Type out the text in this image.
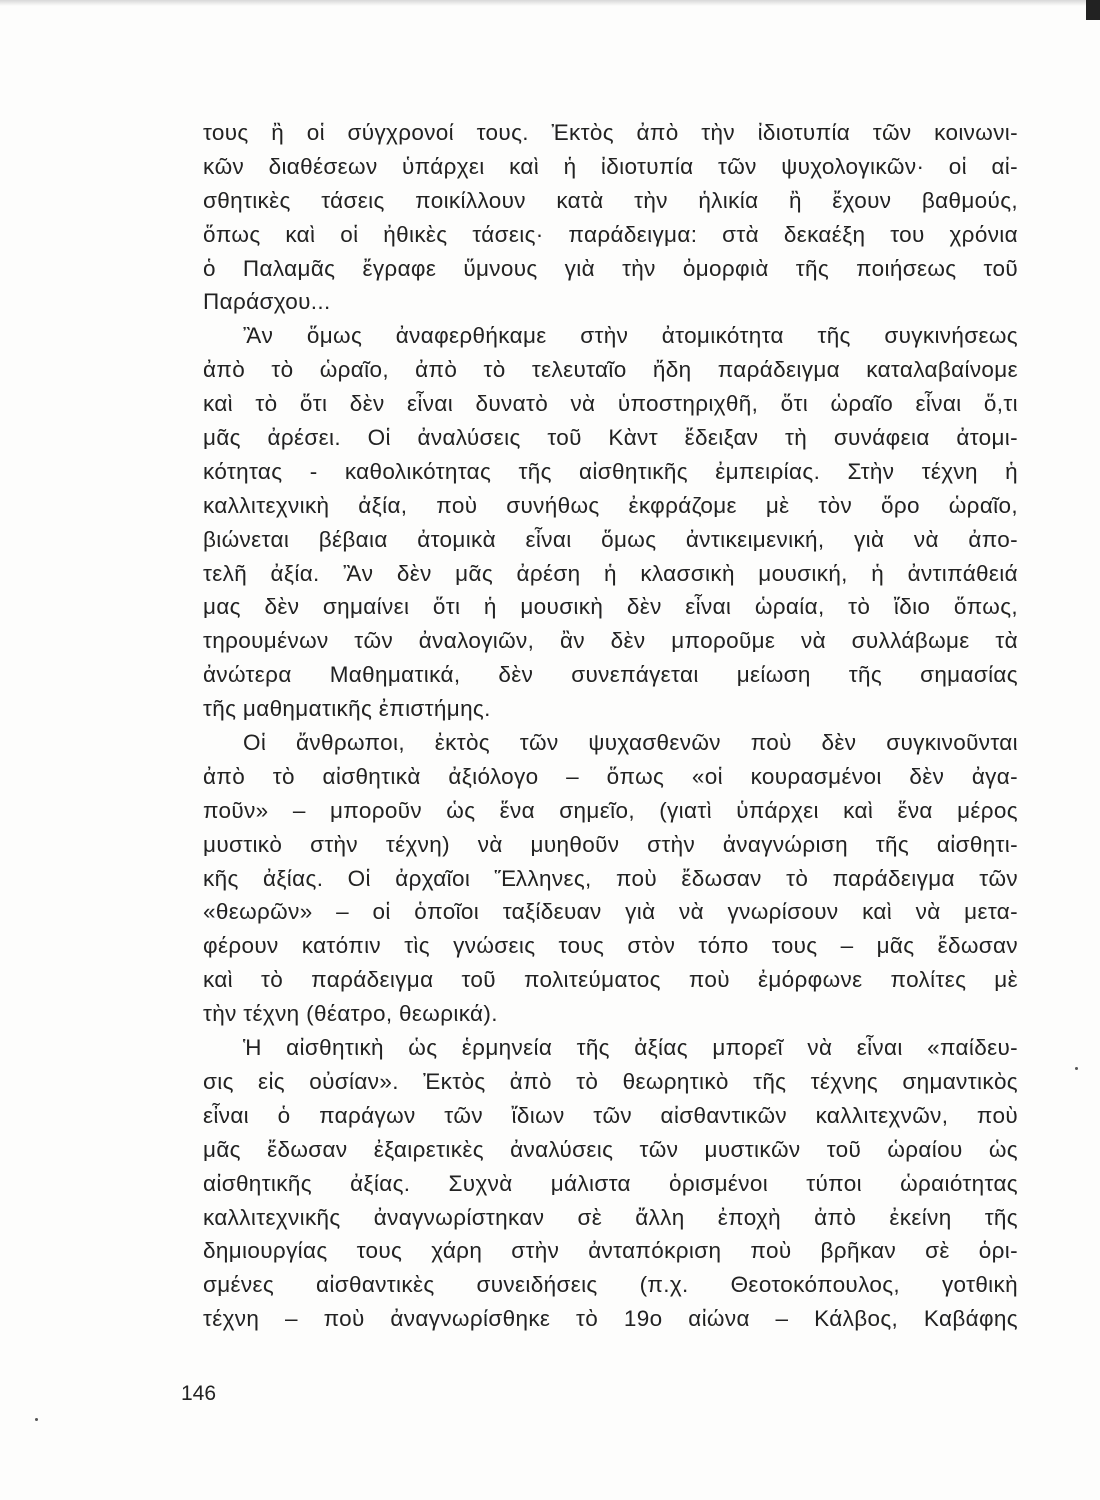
τους ἢ οἱ σύγχρονοί τους. Ἐκτὸς ἀπὸ τὴν ἰδιοτυπία τῶν κοινωνι-
κῶν διαθέσεων ὑπάρχει καὶ ἡ ἰδιοτυπία τῶν ψυχολογικῶν· οἱ αἰ-
σθητικὲς τάσεις ποικίλλουν κατὰ τὴν ἡλικία ἢ ἔχουν βαθμούς,
ὅπως καὶ οἱ ἠθικὲς τάσεις· παράδειγμα: στὰ δεκαέξη του χρόνια
ὁ Παλαμᾶς ἔγραφε ὕμνους γιὰ τὴν ὀμορφιὰ τῆς ποιήσεως τοῦ
Παράσχου...
Ἂν ὅμως ἀναφερθήκαμε στὴν ἀτομικότητα τῆς συγκινήσεως
ἀπὸ τὸ ὡραῖο, ἀπὸ τὸ τελευταῖο ἤδη παράδειγμα καταλαβαίνομε
καὶ τὸ ὅτι δὲν εἶναι δυνατὸ νὰ ὑποστηριχθῆ, ὅτι ὡραῖο εἶναι ὅ,τι
μᾶς ἀρέσει. Οἱ ἀναλύσεις τοῦ Κὰντ ἔδειξαν τὴ συνάφεια ἀτομι-
κότητας - καθολικότητας τῆς αἰσθητικῆς ἐμπειρίας. Στὴν τέχνη ἡ
καλλιτεχνικὴ ἀξία, ποὺ συνήθως ἐκφράζομε μὲ τὸν ὅρο ὡραῖο,
βιώνεται βέβαια ἀτομικὰ εἶναι ὅμως ἀντικειμενική, γιὰ νὰ ἀπο-
τελῆ ἀξία. Ἂν δὲν μᾶς ἀρέση ἡ κλασσικὴ μουσική, ἡ ἀντιπάθειά
μας δὲν σημαίνει ὅτι ἡ μουσικὴ δὲν εἶναι ὡραία, τὸ ἴδιο ὅπως,
τηρουμένων τῶν ἀναλογιῶν, ἂν δὲν μποροῦμε νὰ συλλάβωμε τὰ
ἀνώτερα Μαθηματικά, δὲν συνεπάγεται μείωση τῆς σημασίας
τῆς μαθηματικῆς ἐπιστήμης.
Οἱ ἄνθρωποι, ἐκτὸς τῶν ψυχασθενῶν ποὺ δὲν συγκινοῦνται
ἀπὸ τὸ αἰσθητικὰ ἀξιόλογο – ὅπως «οἱ κουρασμένοι δὲν ἀγα-
ποῦν» – μποροῦν ὡς ἕνα σημεῖο, (γιατὶ ὑπάρχει καὶ ἕνα μέρος
μυστικὸ στὴν τέχνη) νὰ μυηθοῦν στὴν ἀναγνώριση τῆς αἰσθητι-
κῆς ἀξίας. Οἱ ἀρχαῖοι Ἕλληνες, ποὺ ἔδωσαν τὸ παράδειγμα τῶν
«θεωρῶν» – οἱ ὁποῖοι ταξίδευαν γιὰ νὰ γνωρίσουν καὶ νὰ μετα-
φέρουν κατόπιν τὶς γνώσεις τους στὸν τόπο τους – μᾶς ἔδωσαν
καὶ τὸ παράδειγμα τοῦ πολιτεύματος ποὺ ἐμόρφωνε πολίτες μὲ
τὴν τέχνη (θέατρο, θεωρικά).
Ἡ αἰσθητικὴ ὡς ἑρμηνεία τῆς ἀξίας μπορεῖ νὰ εἶναι «παίδευ-
σις εἰς οὐσίαν». Ἐκτὸς ἀπὸ τὸ θεωρητικὸ τῆς τέχνης σημαντικὸς
εἶναι ὁ παράγων τῶν ἴδιων τῶν αἰσθαντικῶν καλλιτεχνῶν, ποὺ
μᾶς ἔδωσαν ἐξαιρετικὲς ἀναλύσεις τῶν μυστικῶν τοῦ ὡραίου ὡς
αἰσθητικῆς ἀξίας. Συχνὰ μάλιστα ὁρισμένοι τύποι ὡραιότητας
καλλιτεχνικῆς ἀναγνωρίστηκαν σὲ ἄλλη ἐποχὴ ἀπὸ ἐκείνη τῆς
δημιουργίας τους χάρη στὴν ἀνταπόκριση ποὺ βρῆκαν σὲ ὁρι-
σμένες αἰσθαντικὲς συνειδήσεις (π.χ. Θεοτοκόπουλος, γοτθικὴ
τέχνη – ποὺ ἀναγνωρίσθηκε τὸ 19ο αἰώνα – Κάλβος, Καβάφης
146
